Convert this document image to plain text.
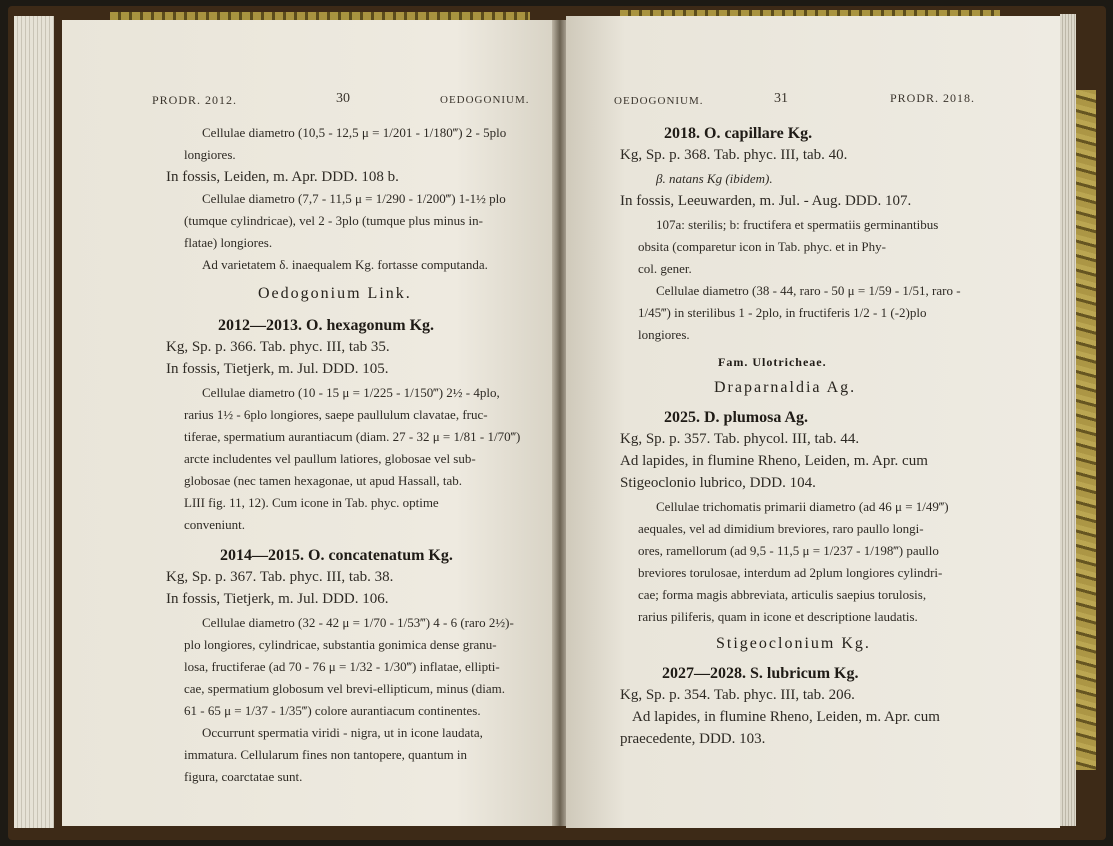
PRODR. 2012.	30	OEDOGONIUM.
Cellulae diametro (10,5 - 12,5 μ = 1/201 - 1/180‴) 2 - 5plo
longiores.
In fossis, Leiden, m. Apr. DDD. 108 b.
Cellulae diametro (7,7 - 11,5 μ = 1/290 - 1/200‴) 1-1½ plo
(tumque cylindricae), vel 2 - 3plo (tumque plus minus in-
flatae) longiores.
Ad varietatem δ. inaequalem Kg. fortasse computanda.
Oedogonium Link.
2012—2013. O. hexagonum Kg.
Kg, Sp. p. 366. Tab. phyc. III, tab 35.
In fossis, Tietjerk, m. Jul. DDD. 105.
Cellulae diametro (10 - 15 μ = 1/225 - 1/150‴) 2½ - 4plo,
rarius 1½ - 6plo longiores, saepe paullulum clavatae, fruc-
tiferae, spermatium aurantiacum (diam. 27 - 32 μ = 1/81 - 1/70‴)
arcte includentes vel paullum latiores, globosae vel sub-
globosae (nec tamen hexagonae, ut apud Hassall, tab.
LIII fig. 11, 12). Cum icone in Tab. phyc. optime
conveniunt.
2014—2015. O. concatenatum Kg.
Kg, Sp. p. 367. Tab. phyc. III, tab. 38.
In fossis, Tietjerk, m. Jul. DDD. 106.
Cellulae diametro (32 - 42 μ = 1/70 - 1/53‴) 4 - 6 (raro 2½)-
plo longiores, cylindricae, substantia gonimica dense granu-
losa, fructiferae (ad 70 - 76 μ = 1/32 - 1/30‴) inflatae, ellipti-
cae, spermatium globosum vel brevi-ellipticum, minus (diam.
61 - 65 μ = 1/37 - 1/35‴) colore aurantiacum continentes.
Occurrunt spermatia viridi - nigra, ut in icone laudata,
immatura. Cellularum fines non tantopere, quantum in
figura, coarctatae sunt.
OEDOGONIUM.	31	PRODR. 2018.
2018. O. capillare Kg.
Kg, Sp. p. 368. Tab. phyc. III, tab. 40.
β. natans Kg (ibidem).
In fossis, Leeuwarden, m. Jul. - Aug. DDD. 107.
107a: sterilis; b: fructifera et spermatiis germinantibus
obsita (comparetur icon in Tab. phyc. et in Phy-
col. gener.
Cellulae diametro (38 - 44, raro - 50 μ = 1/59 - 1/51, raro -
1/45‴) in sterilibus 1 - 2plo, in fructiferis 1/2 - 1 (-2)plo
longiores.
Fam. Ulotricheae.
Draparnaldia Ag.
2025. D. plumosa Ag.
Kg, Sp. p. 357. Tab. phycol. III, tab. 44.
Ad lapides, in flumine Rheno, Leiden, m. Apr. cum
Stigeoclonio lubrico, DDD. 104.
Cellulae trichomatis primarii diametro (ad 46 μ = 1/49‴)
aequales, vel ad dimidium breviores, raro paullo longi-
ores, ramellorum (ad 9,5 - 11,5 μ = 1/237 - 1/198‴) paullo
breviores torulosae, interdum ad 2plum longiores cylindri-
cae; forma magis abbreviata, articulis saepius torulosis,
rarius piliferis, quam in icone et descriptione laudatis.
Stigeoclonium Kg.
2027—2028. S. lubricum Kg.
Kg, Sp. p. 354. Tab. phyc. III, tab. 206.
Ad lapides, in flumine Rheno, Leiden, m. Apr. cum
praecedente, DDD. 103.
